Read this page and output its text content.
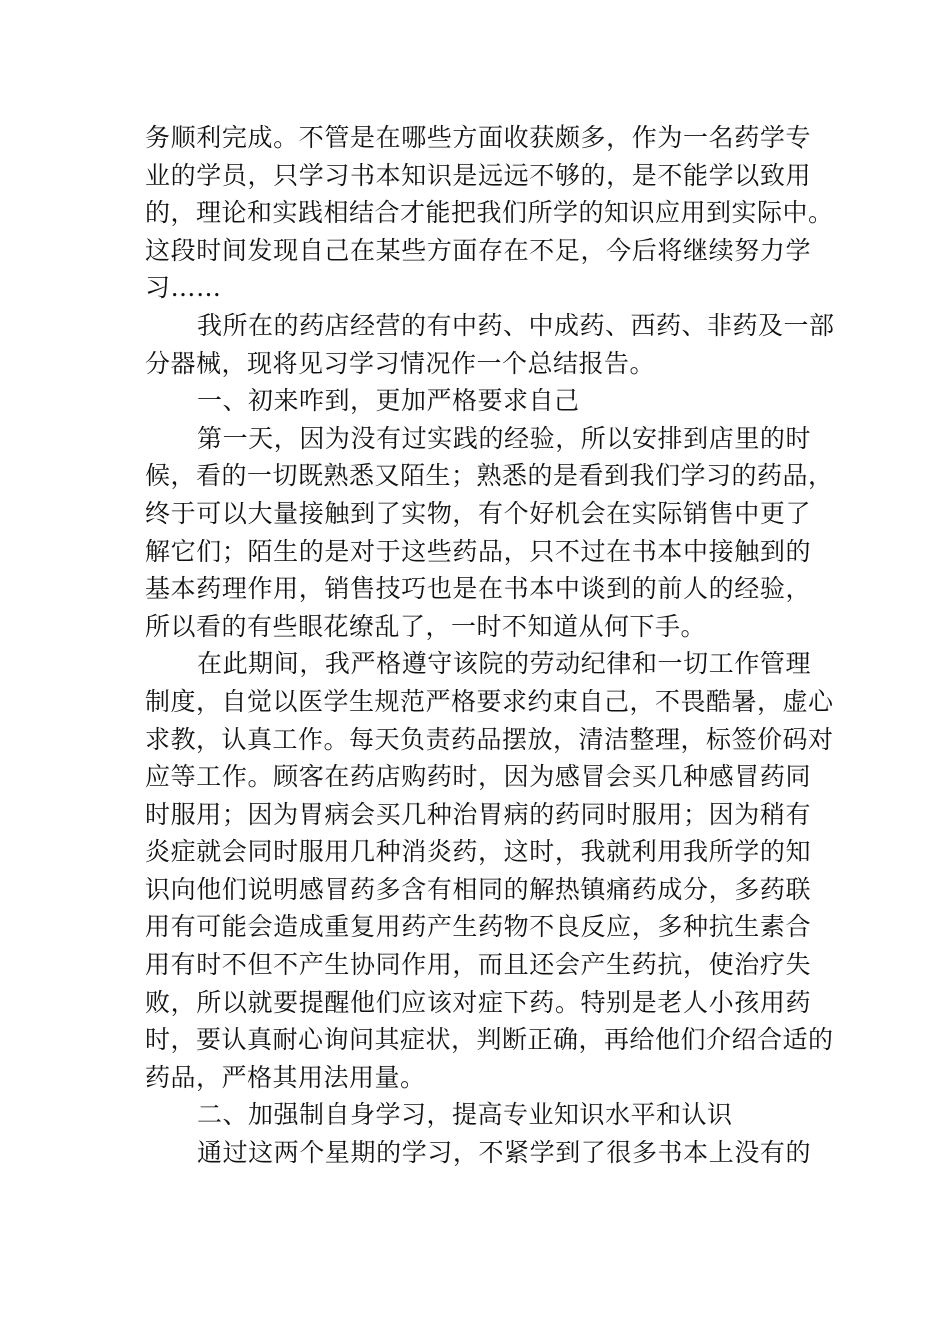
务顺利完成。不管是在哪些方面收获颇多，作为一名药学专
业的学员，只学习书本知识是远远不够的，是不能学以致用
的，理论和实践相结合才能把我们所学的知识应用到实际中。
这段时间发现自己在某些方面存在不足，今后将继续努力学
习……
我所在的药店经营的有中药、中成药、西药、非药及一部
分器械，现将见习学习情况作一个总结报告。
一、初来咋到，更加严格要求自己
第一天，因为没有过实践的经验，所以安排到店里的时
候，看的一切既熟悉又陌生；熟悉的是看到我们学习的药品，
终于可以大量接触到了实物，有个好机会在实际销售中更了
解它们；陌生的是对于这些药品，只不过在书本中接触到的
基本药理作用，销售技巧也是在书本中谈到的前人的经验，
所以看的有些眼花缭乱了，一时不知道从何下手。
在此期间，我严格遵守该院的劳动纪律和一切工作管理
制度，自觉以医学生规范严格要求约束自己，不畏酷暑，虚心
求教，认真工作。每天负责药品摆放，清洁整理，标签价码对
应等工作。顾客在药店购药时，因为感冒会买几种感冒药同
时服用；因为胃病会买几种治胃病的药同时服用；因为稍有
炎症就会同时服用几种消炎药，这时，我就利用我所学的知
识向他们说明感冒药多含有相同的解热镇痛药成分，多药联
用有可能会造成重复用药产生药物不良反应，多种抗生素合
用有时不但不产生协同作用，而且还会产生药抗，使治疗失
败，所以就要提醒他们应该对症下药。特别是老人小孩用药
时，要认真耐心询问其症状，判断正确，再给他们介绍合适的
药品，严格其用法用量。
二、加强制自身学习，提高专业知识水平和认识
通过这两个星期的学习，不紧学到了很多书本上没有的
